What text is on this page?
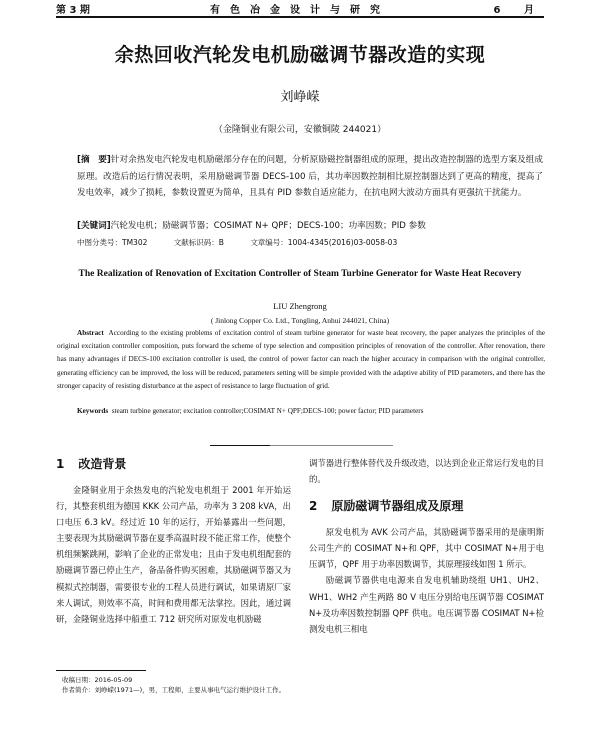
第 3 期	有色冶金设计与研究	6 月
余热回收汽轮发电机励磁调节器改造的实现
刘峥嵘
（金隆铜业有限公司，安徽铜陵 244021）
[摘　要]针对余热发电汽轮发电机励磁部分存在的问题，分析原励磁控制器组成的原理，提出改造控制器的选型方案及组成原理。改造后的运行情况表明，采用励磁调节器 DECS-100 后，其功率因数控制相比原控制器达到了更高的精度，提高了发电效率，减少了损耗，参数设置更为简单，且具有 PID 参数自适应能力，在抗电网大波动方面具有更强抗干扰能力。
[关键词]汽轮发电机；励磁调节器；COSIMAT N+ QPF；DECS-100；功率因数；PID 参数
中图分类号：TM302	文献标识码：B	文章编号：1004-4345(2016)03-0058-03
The Realization of Renovation of Excitation Controller of Steam Turbine Generator for Waste Heat Recovery
LIU Zhengrong
( Jinlong Copper Co. Ltd., Tongling, Anhui 244021, China)
Abstract According to the existing problems of excitation control of steam turbine generator for waste heat recovery, the paper analyzes the principles of the original excitation controller composition, puts forward the scheme of type selection and composition principles of renovation of the controller. After renovation, there has many advantages if DECS-100 excitation controller is used, the control of power factor can reach the higher accuracy in comparison with the original controller, generating efficiency can be improved, the loss will be reduced, parameters setting will be simple provided with the adaptive ability of PID parameters, and there has the stronger capacity of resisting disturbance at the aspect of resistance to large fluctuation of grid.
Keywords steam turbine generator; excitation controller;COSIMAT N+ QPF;DECS-100; power factor; PID parameters
1 改造背景

金隆铜业用于余热发电的汽轮发电机组于 2001 年开始运行，其整套机组为德国 KKK 公司产品，功率为 3 208 kVA，出口电压 6.3 kV。经过近 10 年的运行，开始暴露出一些问题，主要表现为其励磁调节器在夏季高温时段不能正常工作，使整个机组频繁跳闸，影响了企业的正常发电；且由于发电机组配套的励磁调节器已停止生产，备品备件购买困难，其励磁调节器又为模拟式控制器，需要很专业的工程人员进行调试，如果请原厂家来人调试，则效率不高，时间和费用都无法掌控。因此，通过调研，金隆铜业选择中船重工 712 研究所对原发电机励磁

调节器进行整体替代及升级改造，以达到企业正常运行发电的目的。

2 原励磁调节器组成及原理

原发电机为 AVK 公司产品，其励磁调节器采用的是康明斯公司生产的 COSIMAT N+和 QPF，其中 COSIMAT N+用于电压调节，QPF 用于功率因数调节，其原理接线如图 1 所示。

励磁调节器供电电源来自发电机辅助绕组 UH1、UH2、WH1、WH2 产生两路 80 V 电压分别给电压调节器 COSIMAT N+及功率因数控制器 QPF 供电。电压调节器 COSIMAT N+检测发电机三相电

收稿日期：2016-05-09
作者简介：刘峥嵘(1971—)，男，工程师，主要从事电气运行维护设计工作。
